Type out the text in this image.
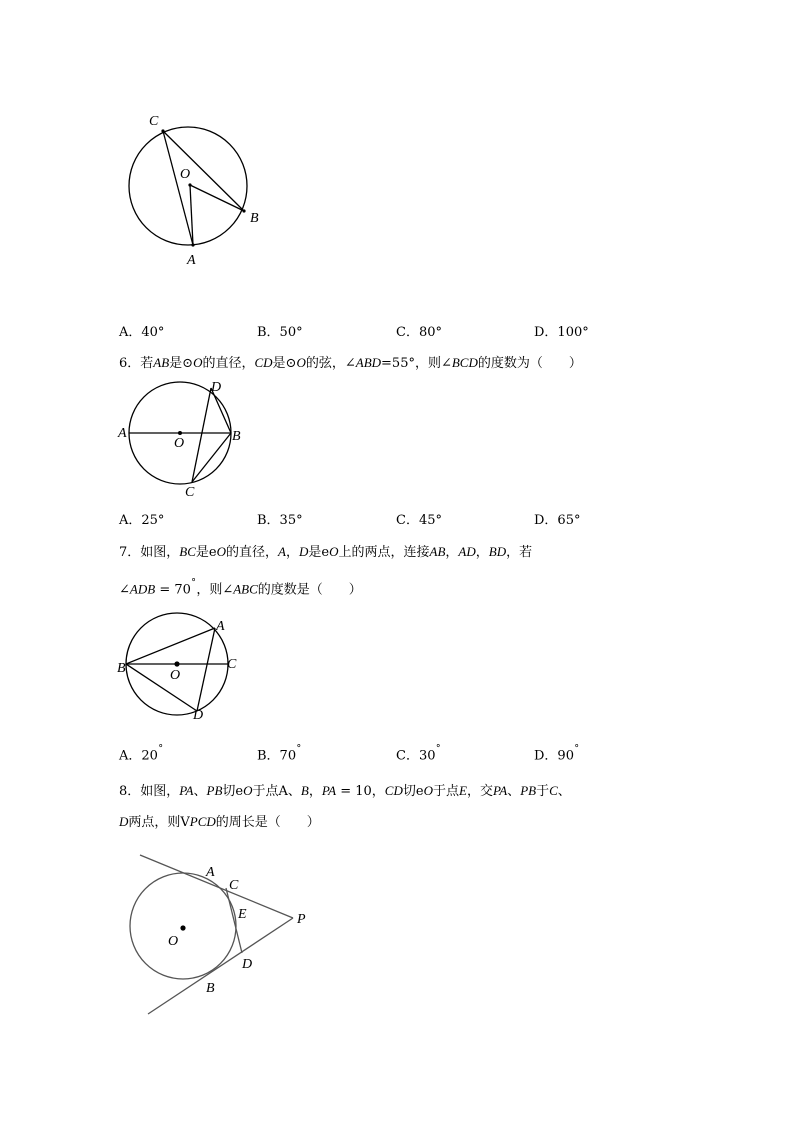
C
O
B
A
A．40°	B．50°	C．80°	D．100°
6．若AB是⊙O的直径，CD是⊙O的弦，∠ABD=55°，则∠BCD的度数为（　　）
A
O	B
D
C
A．25°	B．35°	C．45°	D．65°
7．如图，BC是eO的直径，A，D是eO上的两点，连接AB，AD，BD，若
∠ADB = 70˚，则∠ABC的度数是（　　）
A
B	C
O
D
A．20˚	B．70˚	C．30˚	D．90˚
8．如图，PA、PB切eO于点A、B，PA = 10，CD切eO于点E，交PA、PB于C、
D两点，则VPCD的周长是（　　）
A
C
E	P
O
D
B
